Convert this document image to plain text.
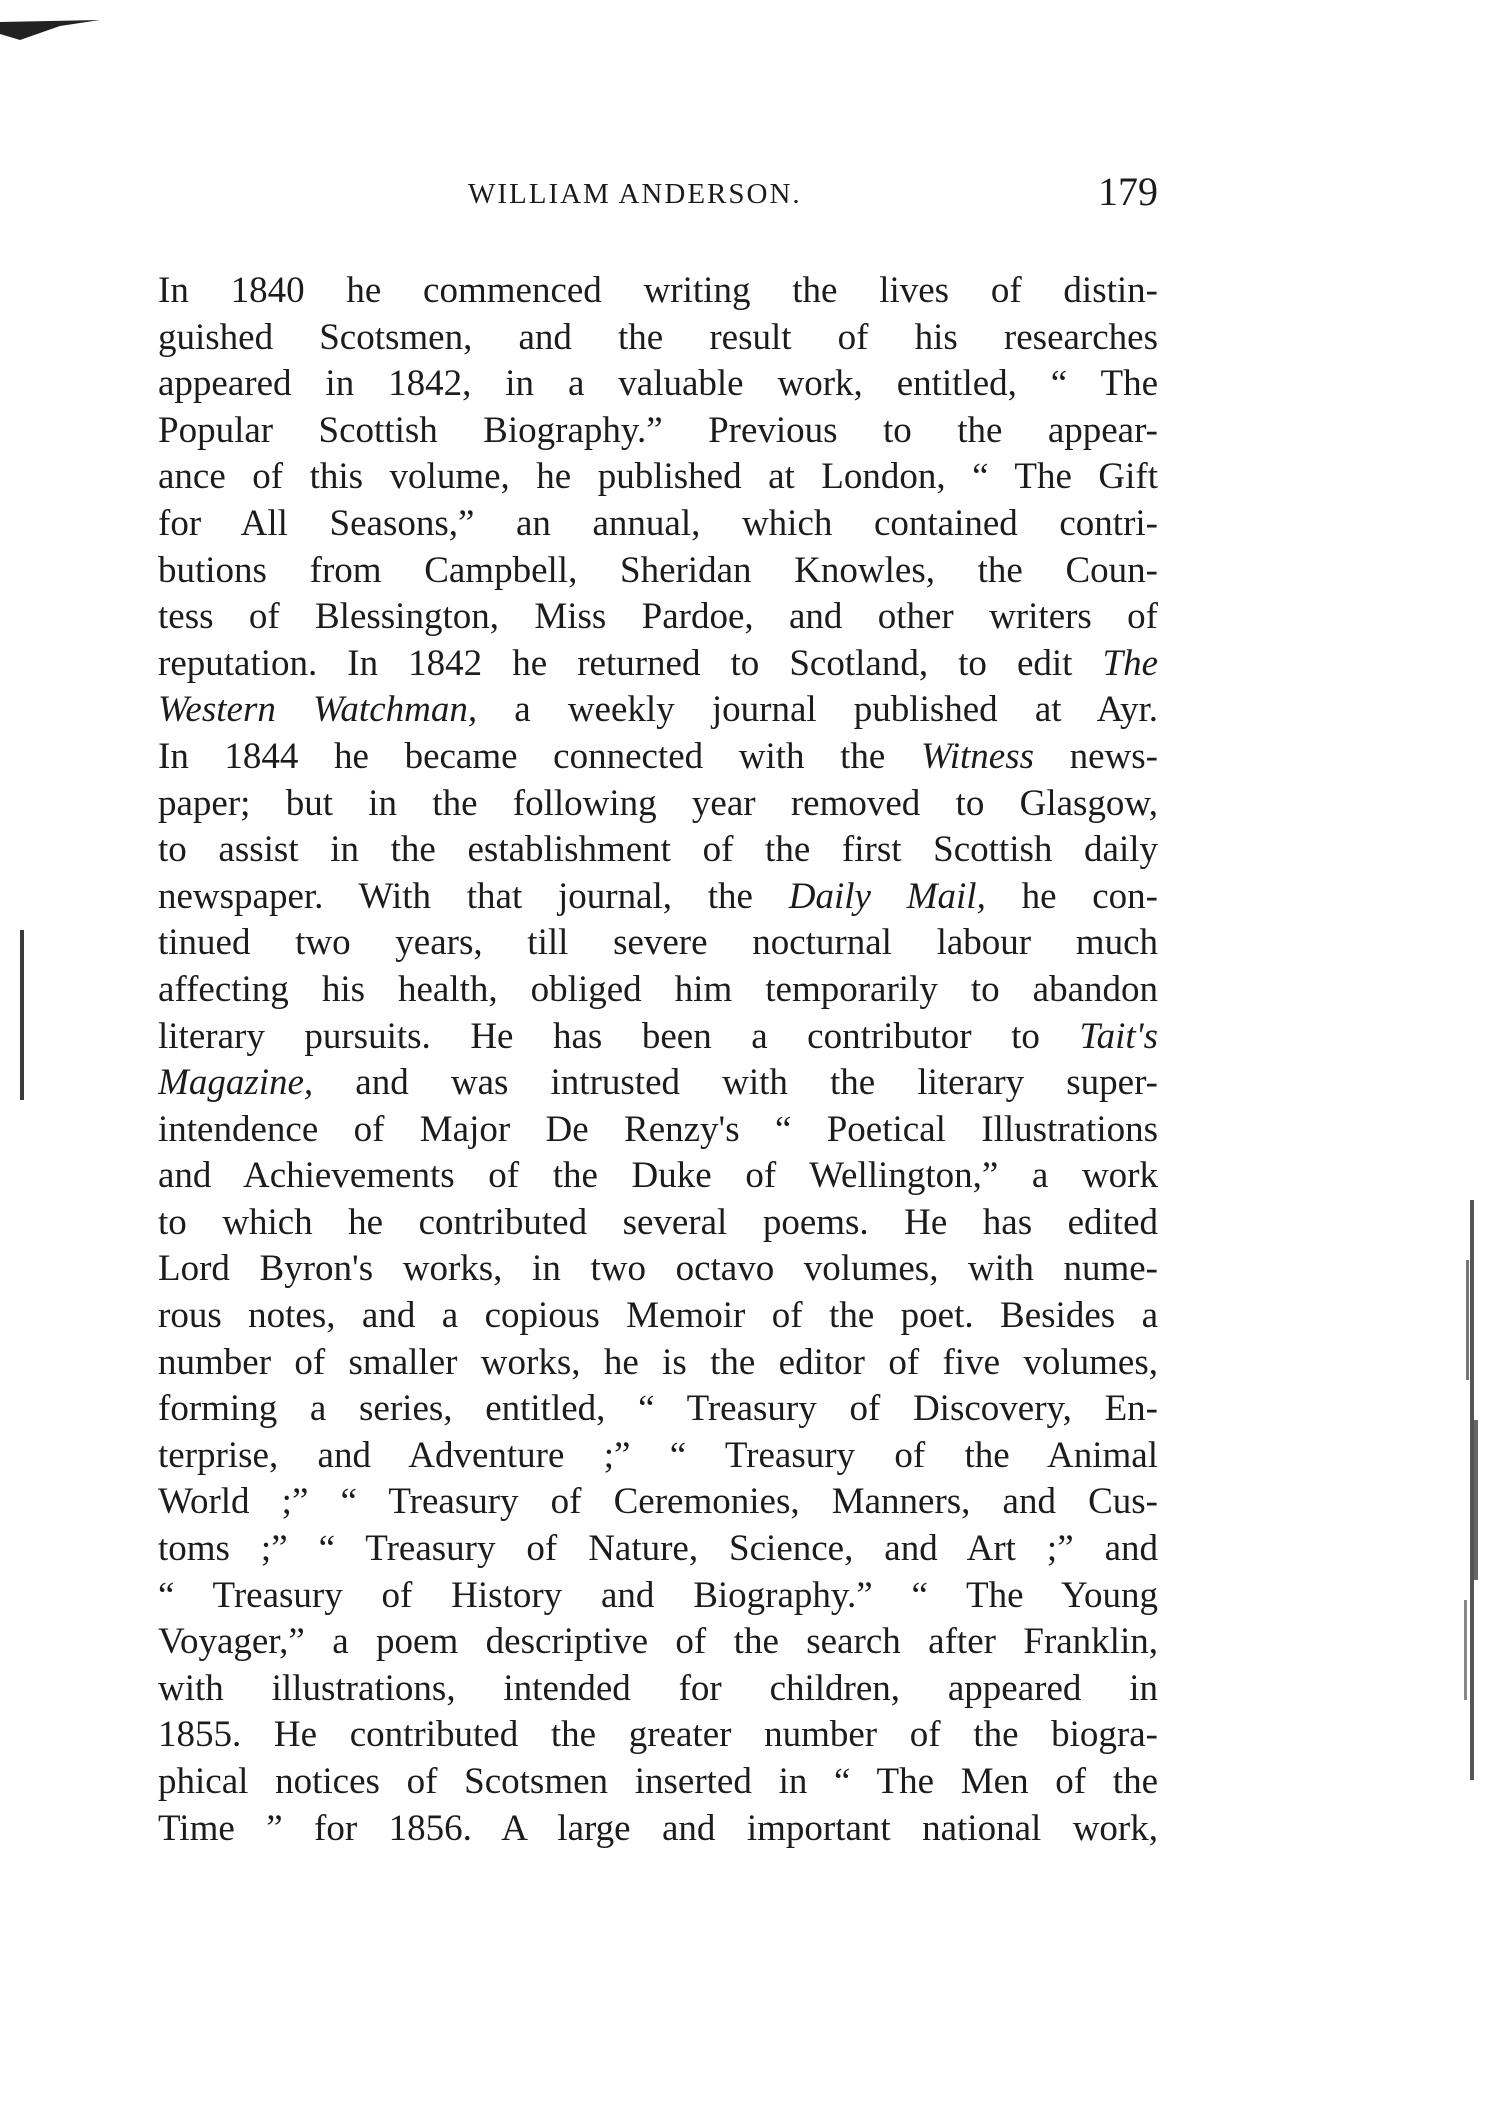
WILLIAM ANDERSON.	179
In 1840 he commenced writing the lives of distin-
guished Scotsmen, and the result of his researches
appeared in 1842, in a valuable work, entitled, “ The
Popular Scottish Biography.” Previous to the appear-
ance of this volume, he published at London, “ The Gift
for All Seasons,” an annual, which contained contri-
butions from Campbell, Sheridan Knowles, the Coun-
tess of Blessington, Miss Pardoe, and other writers of
reputation. In 1842 he returned to Scotland, to edit The
Western Watchman, a weekly journal published at Ayr.
In 1844 he became connected with the Witness news-
paper; but in the following year removed to Glasgow,
to assist in the establishment of the first Scottish daily
newspaper. With that journal, the Daily Mail, he con-
tinued two years, till severe nocturnal labour much
affecting his health, obliged him temporarily to abandon
literary pursuits. He has been a contributor to Tait's
Magazine, and was intrusted with the literary super-
intendence of Major De Renzy's “ Poetical Illustrations
and Achievements of the Duke of Wellington,” a work
to which he contributed several poems. He has edited
Lord Byron's works, in two octavo volumes, with nume-
rous notes, and a copious Memoir of the poet. Besides a
number of smaller works, he is the editor of five volumes,
forming a series, entitled, “ Treasury of Discovery, En-
terprise, and Adventure ;” “ Treasury of the Animal
World ;” “ Treasury of Ceremonies, Manners, and Cus-
toms ;” “ Treasury of Nature, Science, and Art ;” and
“ Treasury of History and Biography.” “ The Young
Voyager,” a poem descriptive of the search after Franklin,
with illustrations, intended for children, appeared in
1855. He contributed the greater number of the biogra-
phical notices of Scotsmen inserted in “ The Men of the
Time ” for 1856. A large and important national work,
